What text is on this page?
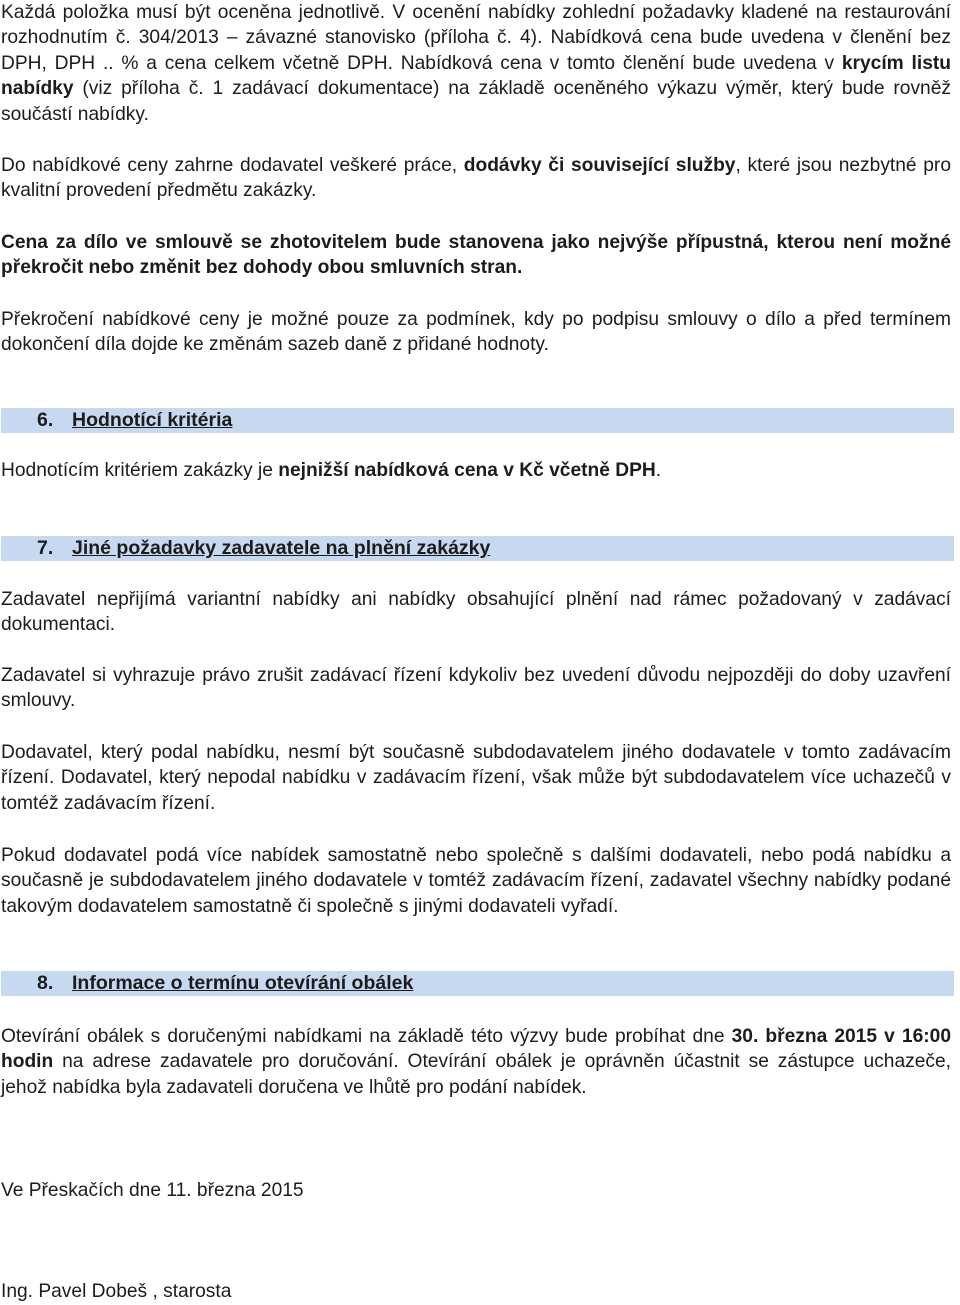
Každá položka musí být oceněna jednotlivě. V ocenění nabídky zohlední požadavky kladené na restaurování rozhodnutím č. 304/2013 – závazné stanovisko (příloha č. 4). Nabídková cena bude uvedena v členění bez DPH, DPH .. % a cena celkem včetně DPH. Nabídková cena v tomto členění bude uvedena v krycím listu nabídky (viz příloha č. 1 zadávací dokumentace) na základě oceněného výkazu výměr, který bude rovněž součástí nabídky.

Do nabídkové ceny zahrne dodavatel veškeré práce, dodávky či související služby, které jsou nezbytné pro kvalitní provedení předmětu zakázky.

Cena za dílo ve smlouvě se zhotovitelem bude stanovena jako nejvýše přípustná, kterou není možné překročit nebo změnit bez dohody obou smluvních stran.

Překročení nabídkové ceny je možné pouze za podmínek, kdy po podpisu smlouvy o dílo a před termínem dokončení díla dojde ke změnám sazeb daně z přidané hodnoty.

6. Hodnotící kritéria

Hodnotícím kritériem zakázky je nejnižší nabídková cena v Kč včetně DPH.

7. Jiné požadavky zadavatele na plnění zakázky

Zadavatel nepřijímá variantní nabídky ani nabídky obsahující plnění nad rámec požadovaný v zadávací dokumentaci.

Zadavatel si vyhrazuje právo zrušit zadávací řízení kdykoliv bez uvedení důvodu nejpozději do doby uzavření smlouvy.

Dodavatel, který podal nabídku, nesmí být současně subdodavatelem jiného dodavatele v tomto zadávacím řízení. Dodavatel, který nepodal nabídku v zadávacím řízení, však může být subdodavatelem více uchazečů v tomtéž zadávacím řízení.

Pokud dodavatel podá více nabídek samostatně nebo společně s dalšími dodavateli, nebo podá nabídku a současně je subdodavatelem jiného dodavatele v tomtéž zadávacím řízení, zadavatel všechny nabídky podané takovým dodavatelem samostatně či společně s jinými dodavateli vyřadí.

8. Informace o termínu otevírání obálek

Otevírání obálek s doručenými nabídkami na základě této výzvy bude probíhat dne 30. března 2015 v 16:00 hodin na adrese zadavatele pro doručování. Otevírání obálek je oprávněn účastnit se zástupce uchazeče, jehož nabídka byla zadavateli doručena ve lhůtě pro podání nabídek.

Ve Přeskačích dne 11. března 2015

Ing. Pavel Dobeš , starosta
